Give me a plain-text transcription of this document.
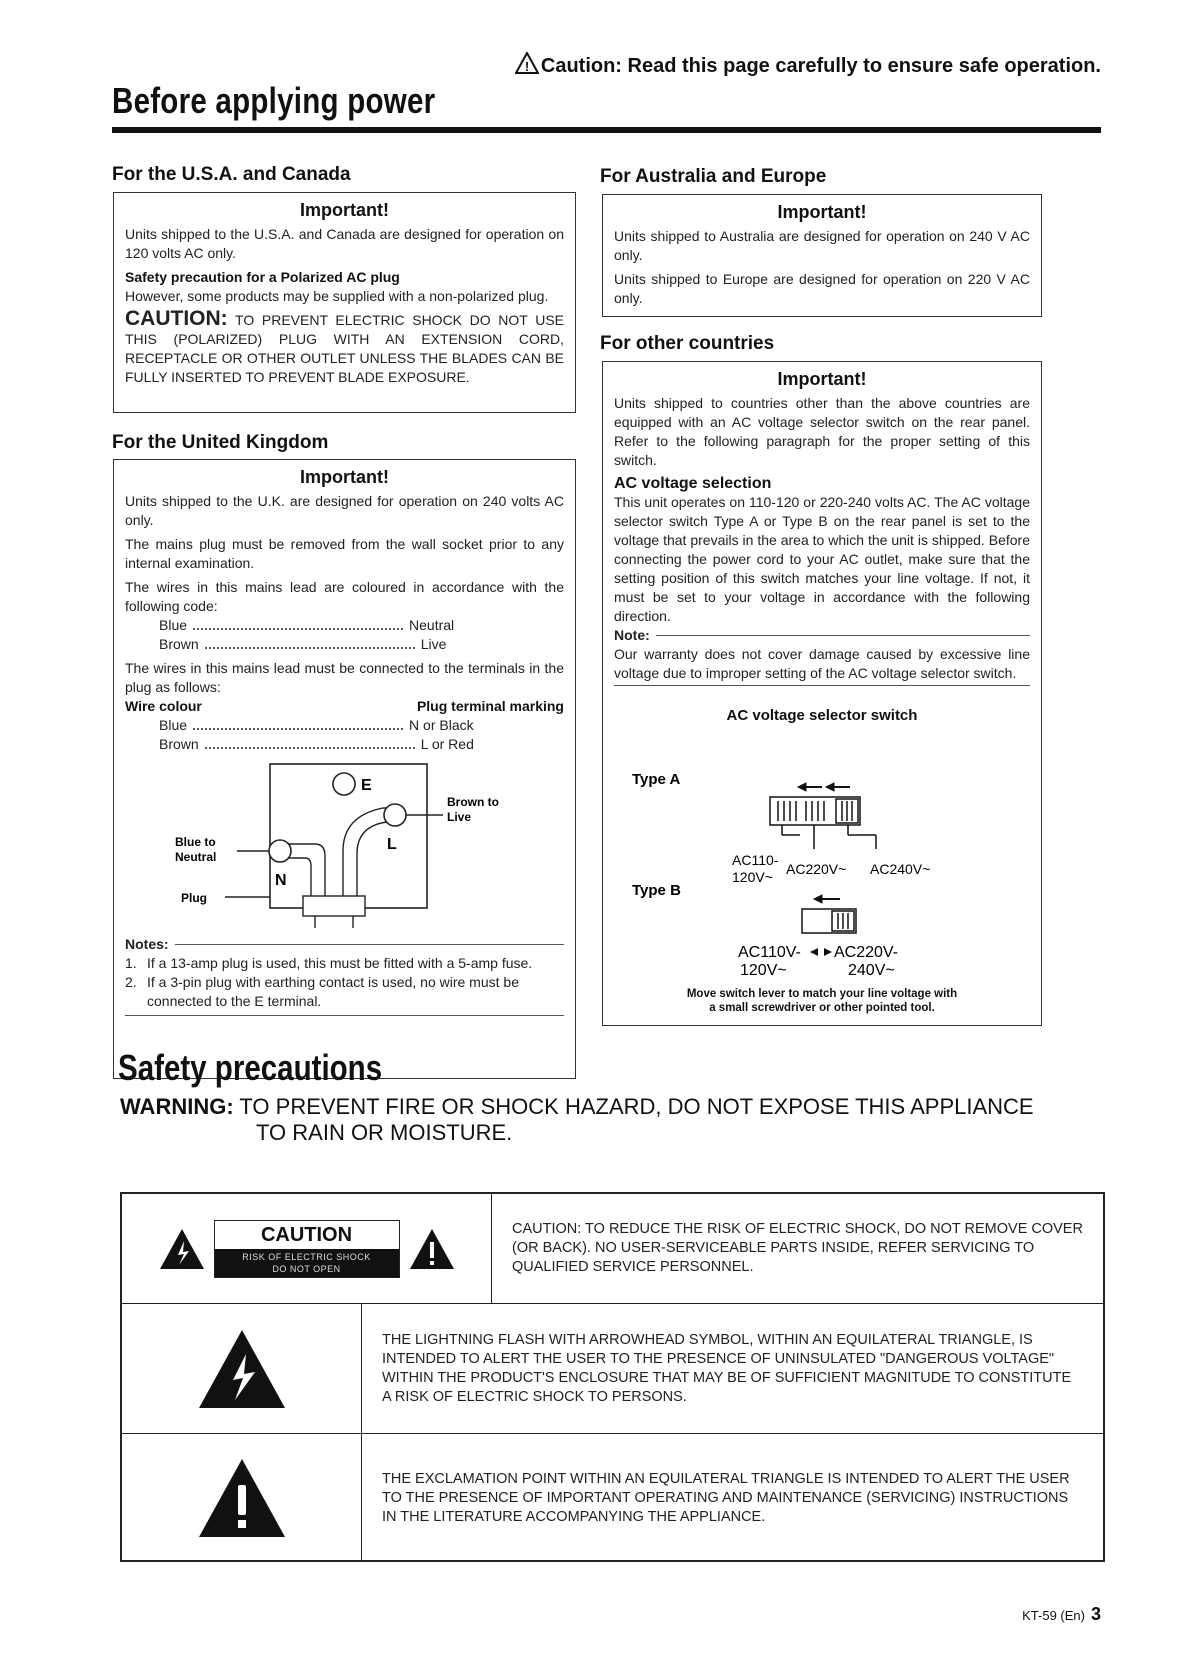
! Caution: Read this page carefully to ensure safe operation.
Before applying power
For the U.S.A. and Canada
Important!

Units shipped to the U.S.A. and Canada are designed for operation on 120 volts AC only.

Safety precaution for a Polarized AC plug

However, some products may be supplied with a non-polarized plug.

CAUTION: TO PREVENT ELECTRIC SHOCK DO NOT USE THIS (POLARIZED) PLUG WITH AN EXTENSION CORD, RECEPTACLE OR OTHER OUTLET UNLESS THE BLADES CAN BE FULLY INSERTED TO PREVENT BLADE EXPOSURE.

For the United Kingdom
Important!

Units shipped to the U.K. are designed for operation on 240 volts AC only.

The mains plug must be removed from the wall socket prior to any internal examination.

The wires in this mains lead are coloured in accordance with the following code:

Blue	Neutral
Brown	Live

The wires in this mains lead must be connected to the terminals in the plug as follows:

Wire colour	Plug terminal marking
Blue	N or Black
Brown	L or Red
E
L
Brown to
Live
N
Blue to
Neutral
Plug
Notes:
1. If a 13-amp plug is used, this must be fitted with a 5-amp fuse.
2. If a 3-pin plug with earthing contact is used, no wire must be connected to the E terminal.
For Australia and Europe
Important!

Units shipped to Australia are designed for operation on 240 V AC only.

Units shipped to Europe are designed for operation on 220 V AC only.

For other countries
Important!

Units shipped to countries other than the above countries are equipped with an AC voltage selector switch on the rear panel. Refer to the following paragraph for the proper setting of this switch.

AC voltage selection

This unit operates on 110-120 or 220-240 volts AC. The AC voltage selector switch Type A or Type B on the rear panel is set to the voltage that prevails in the area to which the unit is shipped. Before connecting the power cord to your AC outlet, make sure that the setting position of this switch matches your line voltage. If not, it must be set to your voltage in accordance with the following direction.

Note:

Our warranty does not cover damage caused by excessive line voltage due to improper setting of the AC voltage selector switch.

AC voltage selector switch
Type A
Type B
AC110-
120V~ AC220V~ AC240V~
AC110V- AC220V-
120V~	240V~
Move switch lever to match your line voltage with
a small screwdriver or other pointed tool.
Safety precautions
WARNING: TO PREVENT FIRE OR SHOCK HAZARD, DO NOT EXPOSE THIS APPLIANCE
TO RAIN OR MOISTURE.
CAUTION
RISK OF ELECTRIC SHOCK
DO NOT OPEN
CAUTION: TO REDUCE THE RISK OF ELECTRIC SHOCK, DO NOT REMOVE COVER (OR BACK). NO USER-SERVICEABLE PARTS INSIDE, REFER SERVICING TO QUALIFIED SERVICE PERSONNEL.
THE LIGHTNING FLASH WITH ARROWHEAD SYMBOL, WITHIN AN EQUILATERAL TRIANGLE, IS INTENDED TO ALERT THE USER TO THE PRESENCE OF UNINSULATED "DANGEROUS VOLTAGE" WITHIN THE PRODUCT'S ENCLOSURE THAT MAY BE OF SUFFICIENT MAGNITUDE TO CONSTITUTE A RISK OF ELECTRIC SHOCK TO PERSONS.
THE EXCLAMATION POINT WITHIN AN EQUILATERAL TRIANGLE IS INTENDED TO ALERT THE USER TO THE PRESENCE OF IMPORTANT OPERATING AND MAINTENANCE (SERVICING) INSTRUCTIONS IN THE LITERATURE ACCOMPANYING THE APPLIANCE.
KT-59 (En) 3
